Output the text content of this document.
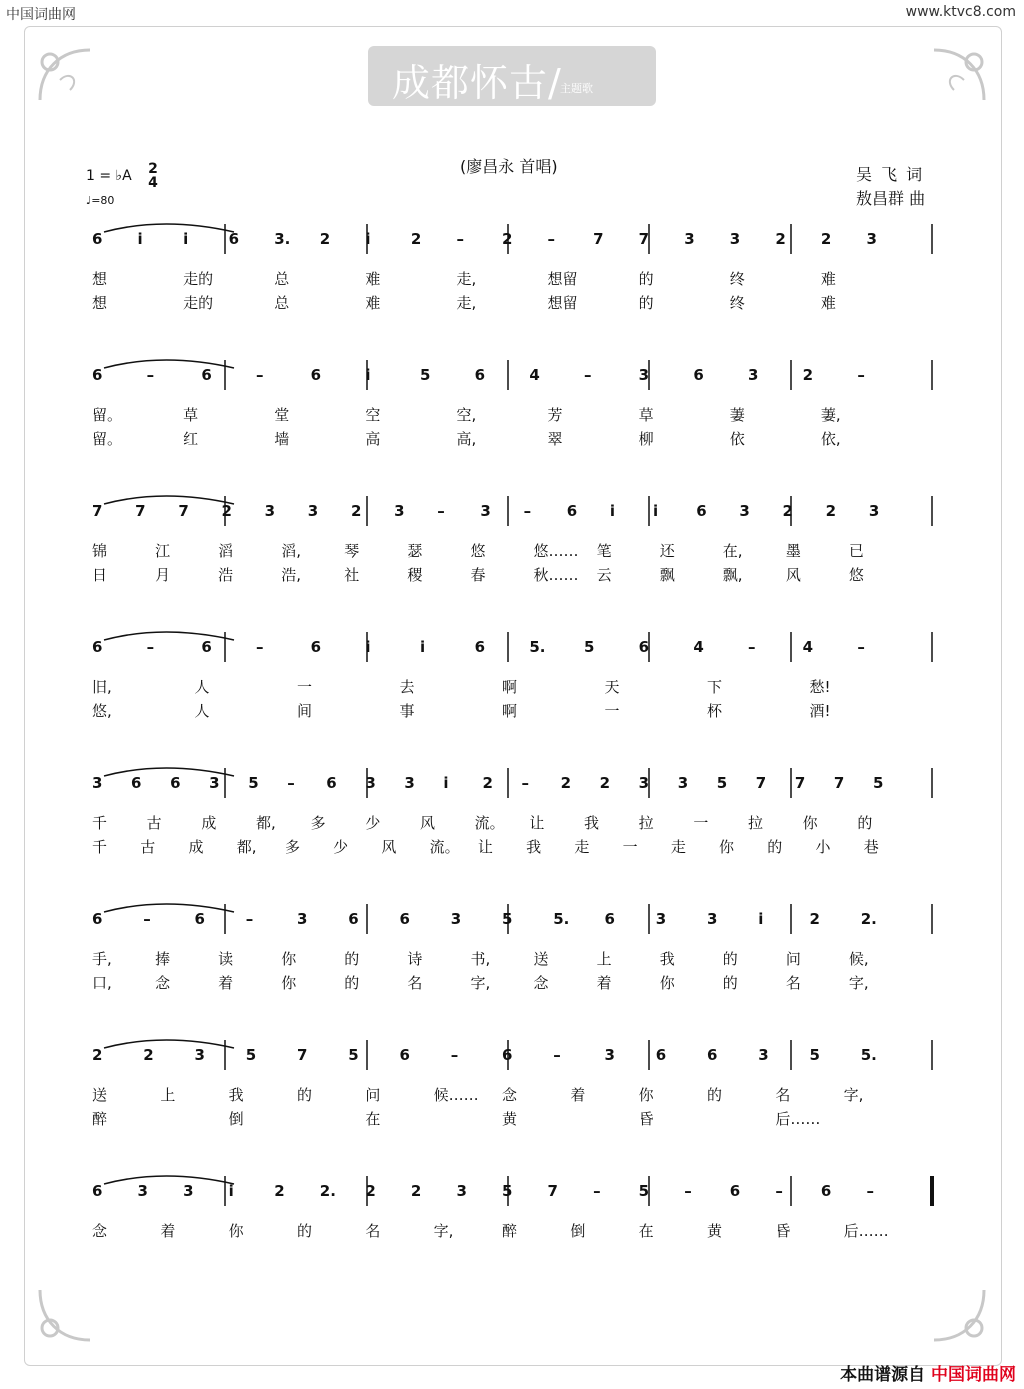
中国词曲网	www.ktvc8.com
成都怀古/
主题歌
(廖昌永 首唱)	吴 飞 词
敖昌群 曲
1 = ♭A 2
4
♩=80
6 i	i	6 3. 2 i	2 –	2 –	7 7 3 3 2 2 3
想	走的	总	难	走,	想留	的	终	难
想	走的	总	难	走,	想留	的	终	难
6	–	6	–	6	i	5	6	4	–	3	6	3	2	–
留。	草	堂	空	空,	芳	草	萋	萋,
留。	红	墙	高	高,	翠	柳	依	依,
7 7 7 2 3 3 2 3 – 3 – 6 i	i	6 3 2 2 3
锦	江	滔	滔,	琴	瑟	悠	悠…… 笔	还	在,	墨	已
日	月	浩	浩,	社	稷	春	秋…… 云	飘	飘,	风	悠
6	–	6	–	6	i	i	6	5.	5	6	4	–	4	–
旧,	人	一	去	啊	天	下	愁!
悠,	人	间	事	啊	一	杯	酒!
3 6 6 3 5 – 6 3 3 i 2 – 2 2 3 3 5 7 7 7 5
千	古	成	都, 多	少	风	流。 让	我	拉	一	拉	你	的
千 古 成 都, 多 少 风 流。 让 我 走 一 走 你 的 小 巷
6	–	6	–	3	6	6	3	5	5. 6	3	3	i	2	2.
手,	捧	读	你	的	诗	书,	送	上	我	的	问	候,
口,	念	着	你	的	名	字,	念	着	你	的	名	字,
2	2	3	5	7	5	6	–	6	–	3	6	6	3	5	5.
送	上	我	的	问	候…… 念	着	你	的	名	字,
醉	倒	在	黄	昏	后……
6 3 3 i	2 2. 2 2 3 5 7 –	5 –	6 –	6 –
念	着	你	的	名	字,	醉	倒	在	黄	昏	后……
本曲谱源自 中国词曲网
